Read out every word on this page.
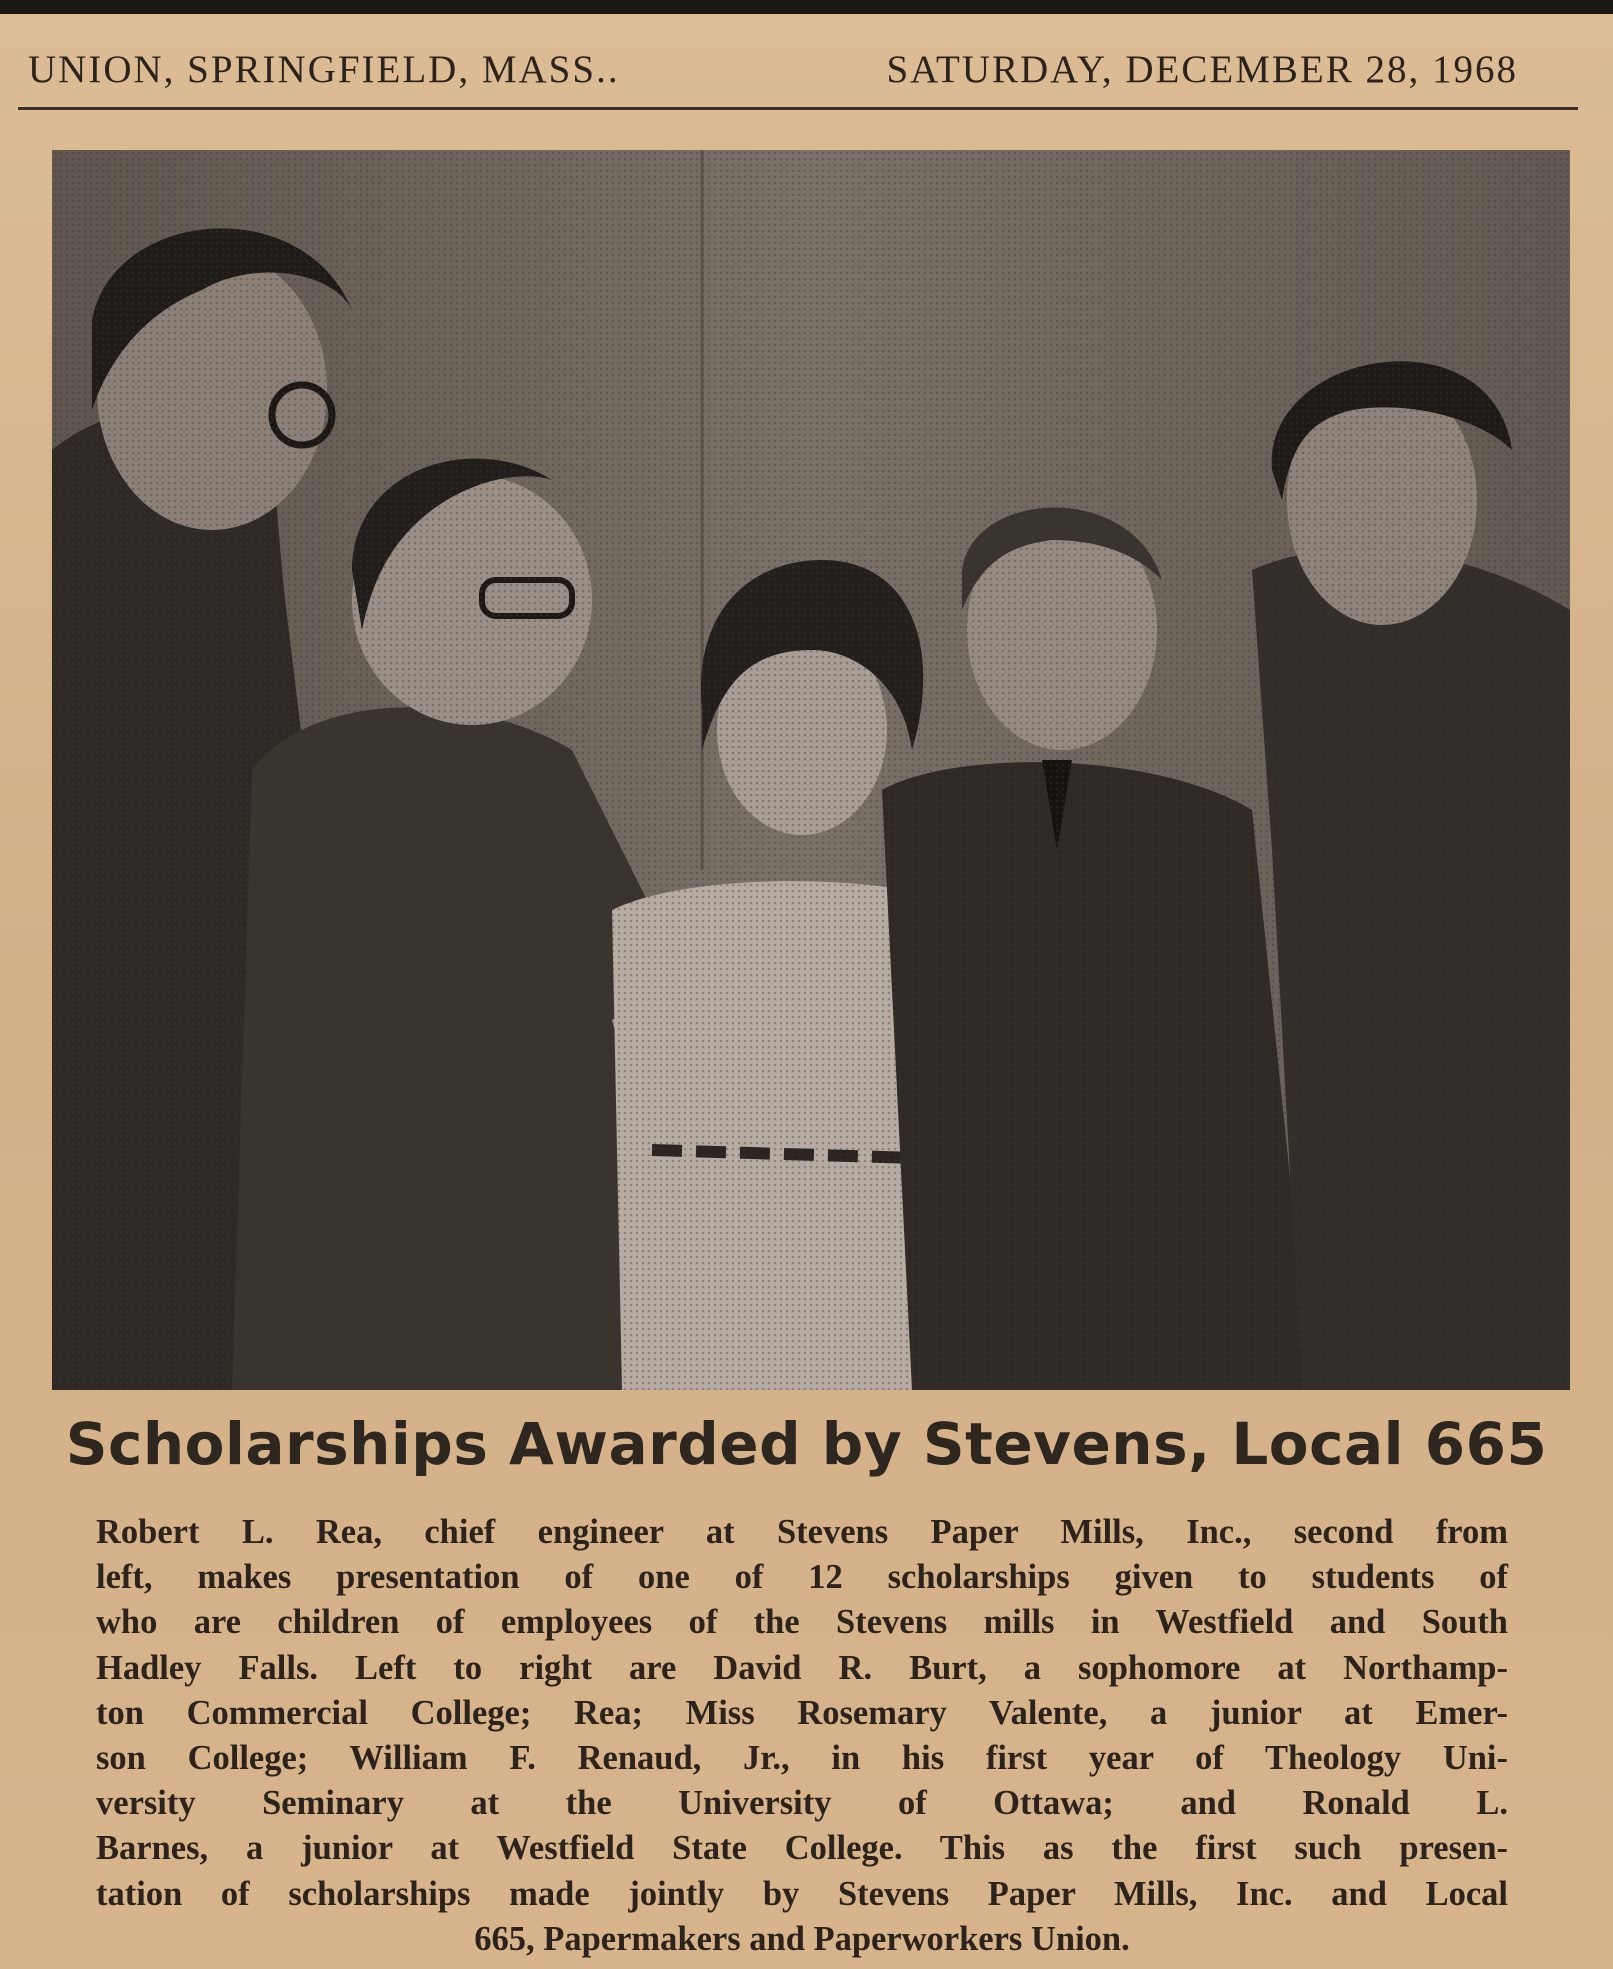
UNION, SPRINGFIELD, MASS..	SATURDAY, DECEMBER 28, 1968
Scholarships Awarded by Stevens, Local 665
Robert L. Rea, chief engineer at Stevens Paper Mills, Inc., second from
left, makes presentation of one of 12 scholarships given to students of
who are children of employees of the Stevens mills in Westfield and South
Hadley Falls. Left to right are David R. Burt, a sophomore at Northamp-
ton Commercial College; Rea; Miss Rosemary Valente, a junior at Emer-
son College; William F. Renaud, Jr., in his first year of Theology Uni-
versity Seminary at the University of Ottawa; and Ronald L.
Barnes, a junior at Westfield State College. This as the first such presen-
tation of scholarships made jointly by Stevens Paper Mills, Inc. and Local
665, Papermakers and Paperworkers Union.
